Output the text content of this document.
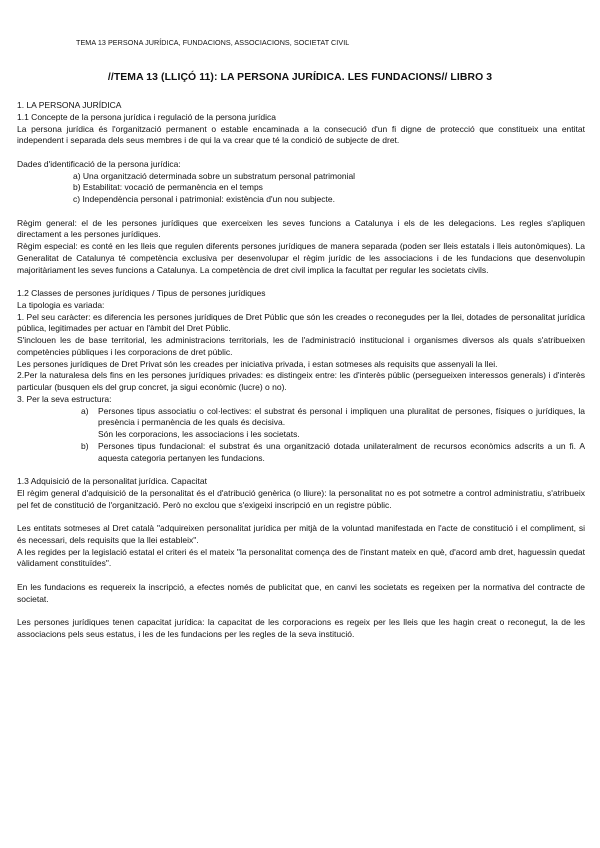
TEMA 13 PERSONA JURÍDICA, FUNDACIONS, ASSOCIACIONS, SOCIETAT CIVIL
//TEMA 13 (LLIÇÓ 11): LA PERSONA JURÍDICA. LES FUNDACIONS// LIBRO 3

1. LA PERSONA JURÍDICA

1.1 Concepte de la persona jurídica i regulació de la persona jurídica

La persona jurídica és l'organització permanent o estable encaminada a la consecució d'un fi digne de protecció que constitueix una entitat independent i separada dels seus membres i de qui la va crear que té la condició de subjecte de dret.

Dades d'identificació de la persona jurídica:

a) Una organització determinada sobre un substratum personal patrimonial

b) Estabilitat: vocació de permanència en el temps

c) Independència personal i patrimonial: existència d'un nou subjecte.

Règim general: el de les persones jurídiques que exerceixen les seves funcions a Catalunya i els de les delegacions. Les regles s'apliquen directament a les persones jurídiques.

Règim especial: es conté en les lleis que regulen diferents persones jurídiques de manera separada (poden ser lleis estatals i lleis autonòmiques). La Generalitat de Catalunya té competència exclusiva per desenvolupar el règim jurídic de les associacions i de les fundacions que desenvolupin majoritàriament les seves funcions a Catalunya. La competència de dret civil implica la facultat per regular les societats civils.

1.2 Classes de persones jurídiques / Tipus de persones jurídiques

La tipologia es variada:

1. Pel seu caràcter: es diferencia les persones jurídiques de Dret Públic que són les creades o reconegudes per la llei, dotades de personalitat jurídica pública, legitimades per actuar en l'àmbit del Dret Públic.

S'inclouen les de base territorial, les administracions territorials, les de l'administració institucional i organismes diversos als quals s'atribueixen competències públiques i les corporacions de dret públic.

Les persones jurídiques de Dret Privat són les creades per iniciativa privada, i estan sotmeses als requisits que assenyali la llei.

2.Per la naturalesa dels fins en les persones jurídiques privades: es distingeix entre: les d'interès públic (persegueixen interessos generals) i d'interès particular (busquen els del grup concret, ja sigui econòmic (lucre) o no).

3. Per la seva estructura:

a) Persones tipus associatiu o col·lectives: el substrat és personal i impliquen una pluralitat de persones, físiques o jurídiques, la presència i permanència de les quals és decisiva.

Són les corporacions, les associacions i les societats.

b) Persones tipus fundacional: el substrat és una organització dotada unilateralment de recursos econòmics adscrits a un fi. A aquesta categoria pertanyen les fundacions.

1.3 Adquisició de la personalitat jurídica. Capacitat

El règim general d'adquisició de la personalitat és el d'atribució genèrica (o lliure): la personalitat no es pot sotmetre a control administratiu, s'atribueix pel fet de constitució de l'organització. Però no exclou que s'exigeixi inscripció en un registre públic.

Les entitats sotmeses al Dret català "adquireixen personalitat jurídica per mitjà de la voluntad manifestada en l'acte de constitució i el compliment, si és necessari, dels requisits que la llei estableix".

A les regides per la legislació estatal el criteri és el mateix "la personalitat comença des de l'instant mateix en què, d'acord amb dret, haguessin quedat vàlidament constituïdes".

En les fundacions es requereix la inscripció, a efectes només de publicitat que, en canvi les societats es regeixen per la normativa del contracte de societat.

Les persones jurídiques tenen capacitat jurídica: la capacitat de les corporacions es regeix per les lleis que les hagin creat o reconegut, la de les associacions pels seus estatus, i les de les fundacions per les regles de la seva institució.
